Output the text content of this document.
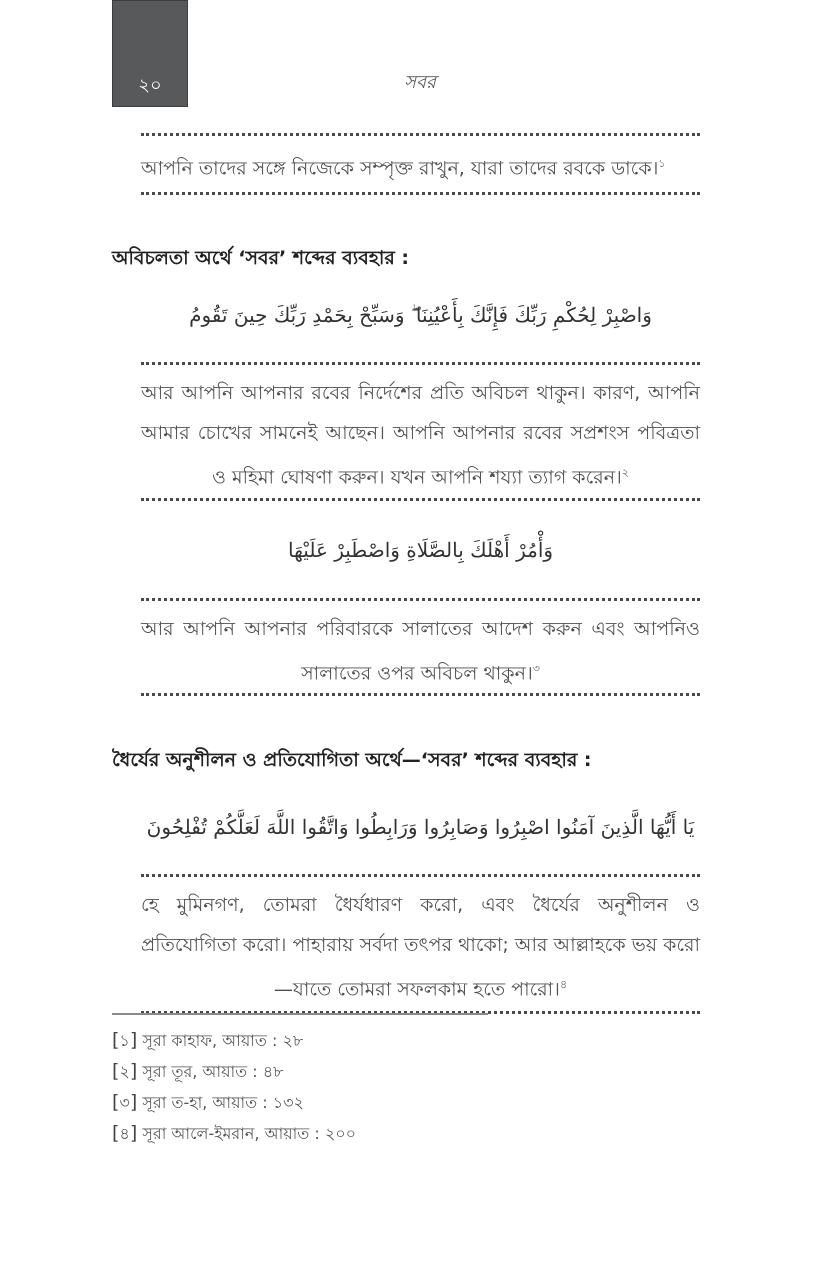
২০	সবর
আপনি তাদের সঙ্গে নিজেকে সম্পৃক্ত রাখুন, যারা তাদের রবকে ডাকে।$^১$
অবিচলতা অর্থে ‘সবর’ শব্দের ব্যবহার :
وَاصْبِرْ لِحُكْمِ رَبِّكَ فَإِنَّكَ بِأَعْيُنِنَا ۖ وَسَبِّحْ بِحَمْدِ رَبِّكَ حِينَ تَقُومُ
আর আপনি আপনার রবের নির্দেশের প্রতি অবিচল থাকুন। কারণ, আপনি আমার চোখের সামনেই আছেন। আপনি আপনার রবের সপ্রশংস পবিত্রতা ও মহিমা ঘোষণা করুন। যখন আপনি শয্যা ত্যাগ করেন।$^২$
وَأْمُرْ أَهْلَكَ بِالصَّلَاةِ وَاصْطَبِرْ عَلَيْهَا
আর আপনি আপনার পরিবারকে সালাতের আদেশ করুন এবং আপনিও সালাতের ওপর অবিচল থাকুন।$^৩$
ধৈর্যের অনুশীলন ও প্রতিযোগিতা অর্থে—‘সবর’ শব্দের ব্যবহার :
يَا أَيُّهَا الَّذِينَ آمَنُوا اصْبِرُوا وَصَابِرُوا وَرَابِطُوا وَاتَّقُوا اللَّهَ لَعَلَّكُمْ تُفْلِحُونَ
হে মুমিনগণ, তোমরা ধৈর্যধারণ করো, এবং ধৈর্যের অনুশীলন ও প্রতিযোগিতা করো। পাহারায় সর্বদা তৎপর থাকো; আর আল্লাহকে ভয় করো—যাতে তোমরা সফলকাম হতে পারো।$^৪$
[১] সূরা কাহাফ, আয়াত : ২৮
[২] সূরা তূর, আয়াত : ৪৮
[৩] সূরা ত-হা, আয়াত : ১৩২
[৪] সূরা আলে-ইমরান, আয়াত : ২০০
